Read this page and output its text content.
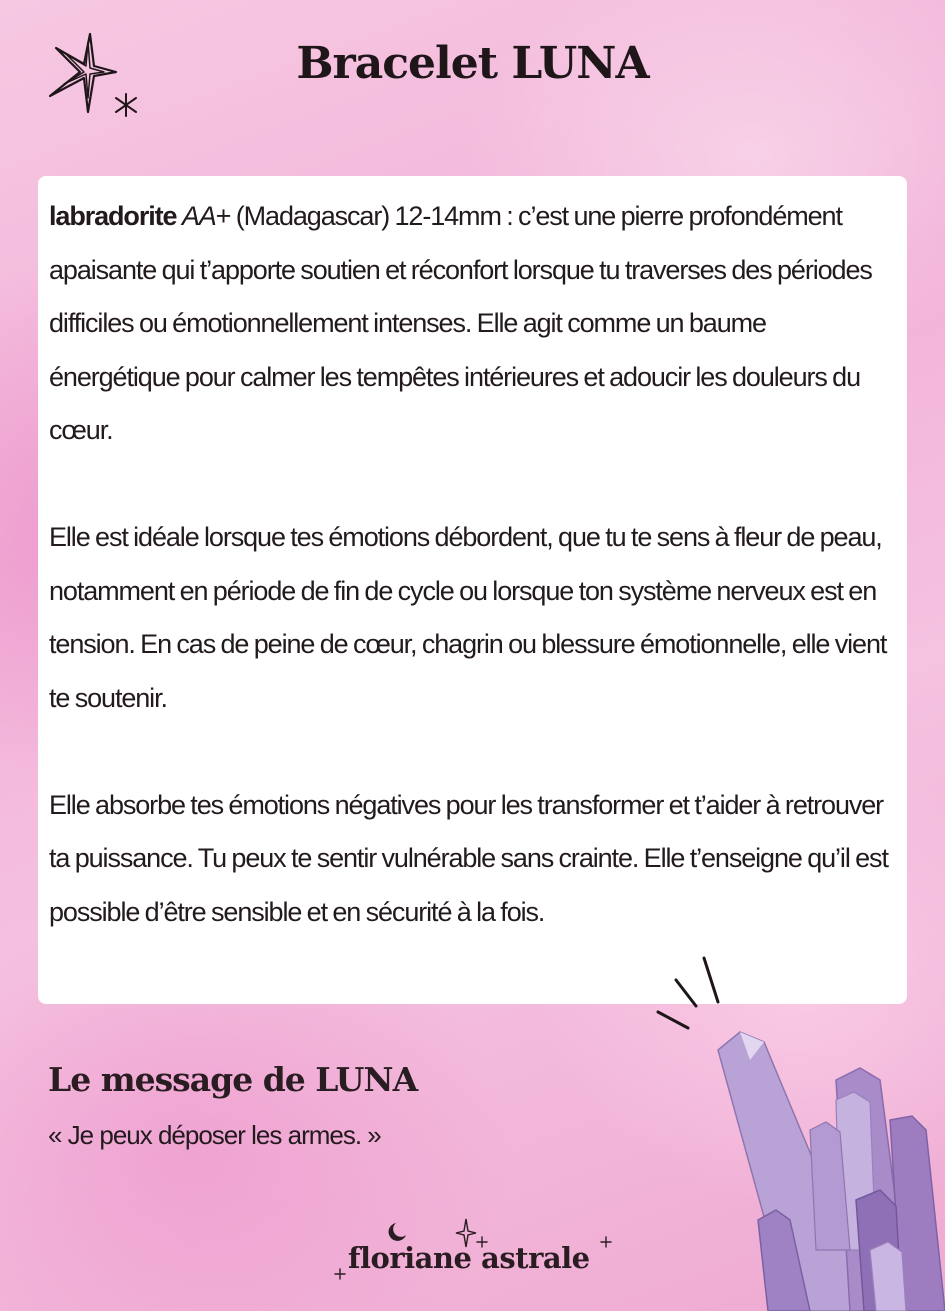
Bracelet LUNA

labradorite AA+ (Madagascar) 12-14mm : c’est une pierre profondément apaisante qui t’apporte soutien et réconfort lorsque tu traverses des périodes difficiles ou émotionnellement intenses. Elle agit comme un baume énergétique pour calmer les tempêtes intérieures et adoucir les douleurs du cœur.

Elle est idéale lorsque tes émotions débordent, que tu te sens à fleur de peau, notamment en période de fin de cycle ou lorsque ton système nerveux est en tension. En cas de peine de cœur, chagrin ou blessure émotionnelle, elle vient te soutenir.

Elle absorbe tes émotions négatives pour les transformer et t’aider à retrouver ta puissance. Tu peux te sentir vulnérable sans crainte. Elle t’enseigne qu’il est possible d’être sensible et en sécurité à la fois.

Le message de LUNA

« Je peux déposer les armes. »

floriane astrale
